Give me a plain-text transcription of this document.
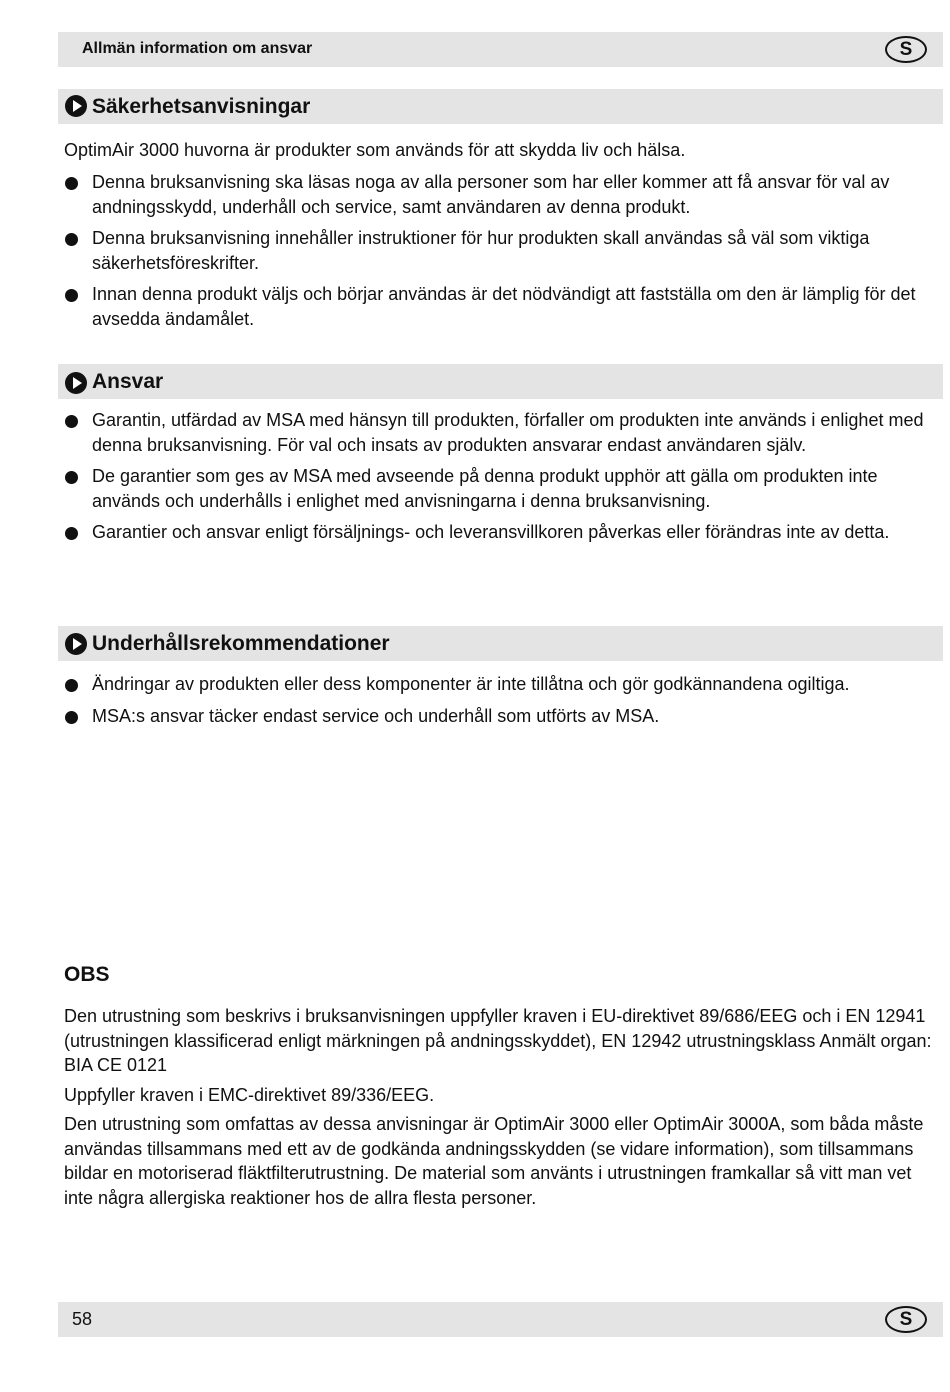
Allmän information om ansvar	S
Säkerhetsanvisningar
OptimAir 3000 huvorna är produkter som används för att skydda liv och hälsa.
Denna bruksanvisning ska läsas noga av alla personer som har eller kommer att få ansvar för val av andningsskydd, underhåll och service, samt användaren av denna produkt.
Denna bruksanvisning innehåller instruktioner för hur produkten skall användas så väl som viktiga säkerhetsföreskrifter.
Innan denna produkt väljs och börjar användas är det nödvändigt att fastställa om den är lämplig för det avsedda ändamålet.
Ansvar
Garantin, utfärdad av MSA med hänsyn till produkten, förfaller om produkten inte används i enlighet med denna bruksanvisning. För val och insats av produkten ansvarar endast användaren själv.
De garantier som ges av MSA med avseende på denna produkt upphör att gälla om produkten inte används och underhålls i enlighet med anvisningarna i denna bruksanvisning.
Garantier och ansvar enligt försäljnings- och leveransvillkoren påverkas eller förändras inte av detta.
Underhållsrekommendationer
Ändringar av produkten eller dess komponenter är inte tillåtna och gör godkännandena ogiltiga.
MSA:s ansvar täcker endast service och underhåll som utförts av MSA.
OBS

Den utrustning som beskrivs i bruksanvisningen uppfyller kraven i EU-direktivet 89/686/EEG och i EN 12941 (utrustningen klassificerad enligt märkningen på andningsskyddet), EN 12942 utrustningsklass Anmält organ: BIA CE 0121

Uppfyller kraven i EMC-direktivet 89/336/EEG.

Den utrustning som omfattas av dessa anvisningar är OptimAir 3000 eller OptimAir 3000A, som båda måste användas tillsammans med ett av de godkända andningsskydden (se vidare information), som tillsammans bildar en motoriserad fläktfilterutrustning. De material som använts i utrustningen framkallar så vitt man vet inte några allergiska reaktioner hos de allra flesta personer.

58	S
